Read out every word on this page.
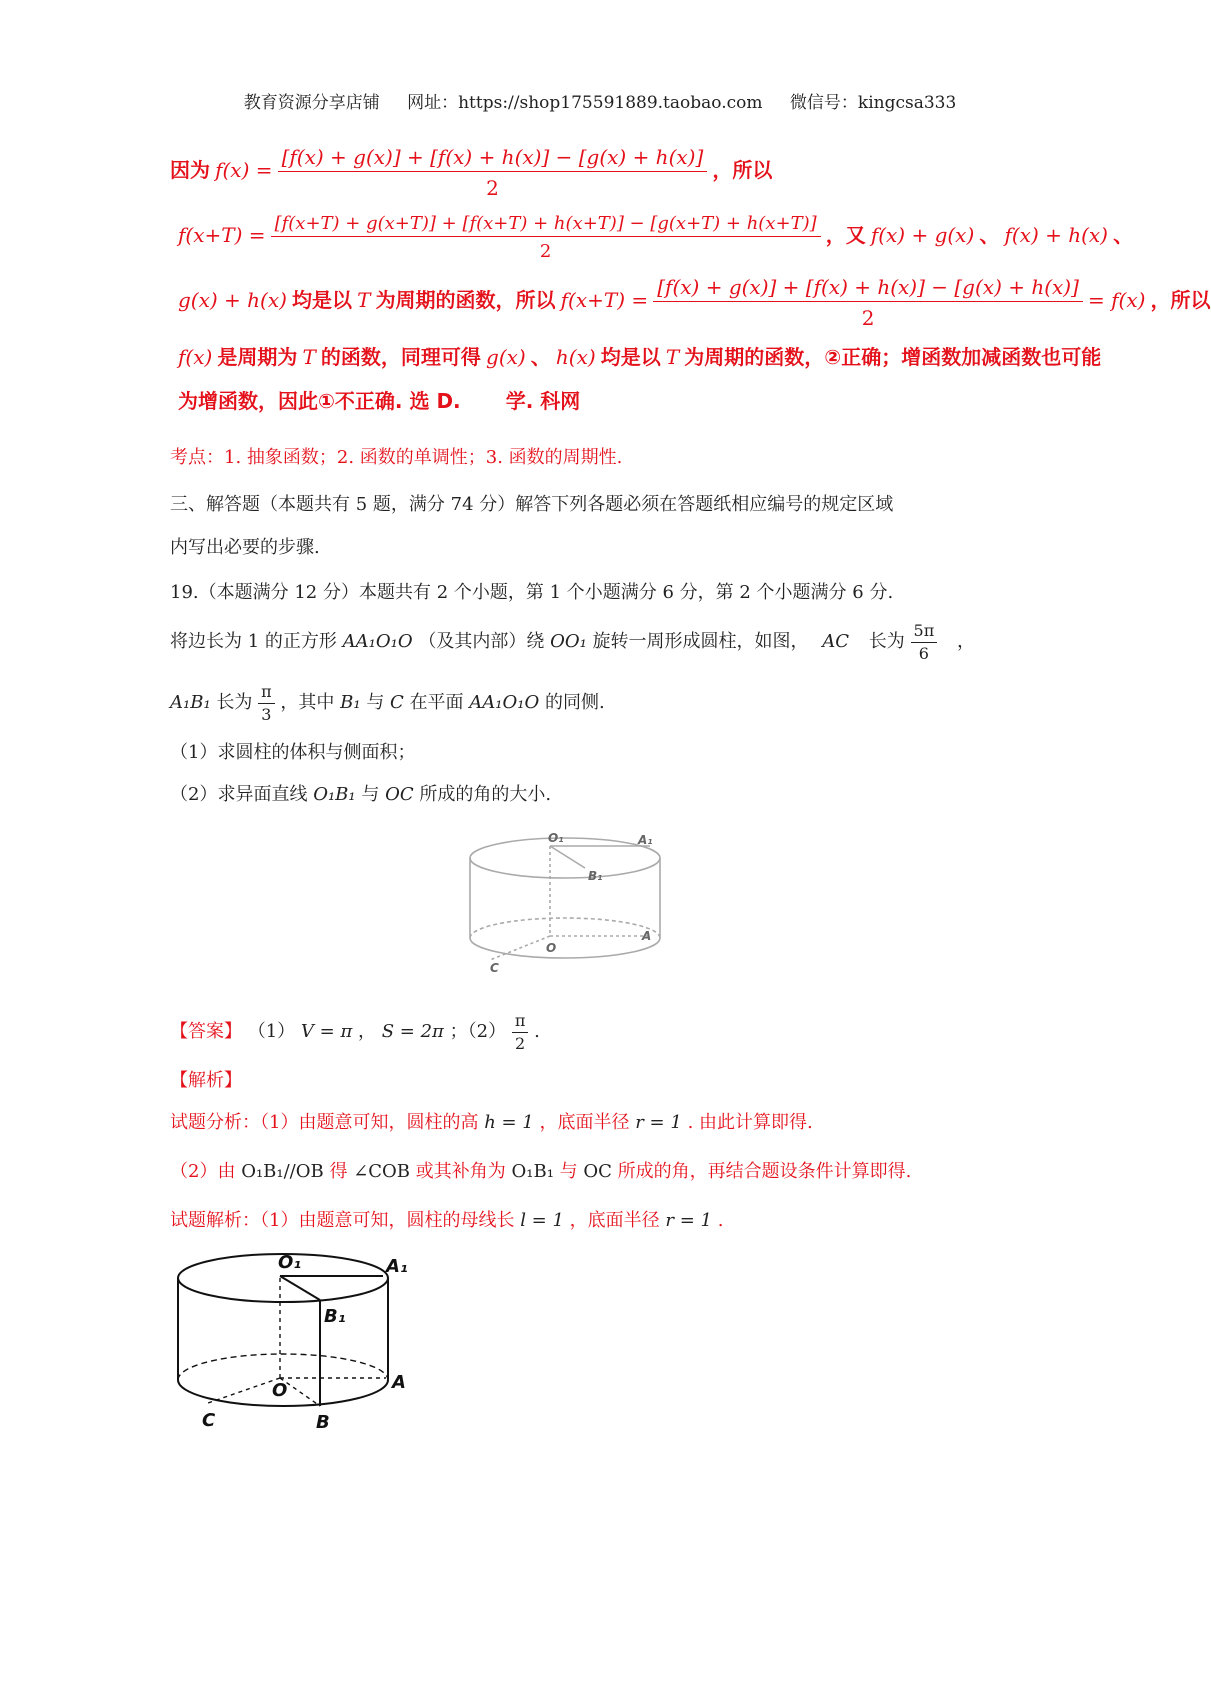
教育资源分享店铺 网址：https://shop175591889.taobao.com 微信号：kingcsa333
因为 $f(x) = \frac{[f(x) + g(x)] + [f(x) + h(x)] - [g(x) + h(x)]}{2}$ ，所以
$f(x+T) = \frac{[f(x+T) + g(x+T)] + [f(x+T) + h(x+T)] - [g(x+T) + h(x+T)]}{2}$ ，又 f(x) + g(x) 、 f(x) + h(x) 、
g(x) + h(x) 均是以 T 为周期的函数，所以 $f(x+T) = \frac{[f(x) + g(x)] + [f(x) + h(x)] - [g(x) + h(x)]}{2} = f(x)$ ，所以
f(x) 是周期为 T 的函数，同理可得 g(x) 、 h(x) 均是以 T 为周期的函数，②正确；增函数加减函数也可能
为增函数，因此①不正确. 选 D. 学. 科网
考点：1. 抽象函数；2. 函数的单调性；3. 函数的周期性.
三、解答题（本题共有 5 题，满分 74 分）解答下列各题必须在答题纸相应编号的规定区域
内写出必要的步骤.
19.（本题满分 12 分）本题共有 2 个小题，第 1 个小题满分 6 分，第 2 个小题满分 6 分.
将边长为 1 的正方形 AA₁O₁O （及其内部）绕 OO₁ 旋转一周形成圆柱，如图， AC 长为 $\frac{5\pi}{6}$ ，
A₁B₁ 长为 $\frac{\pi}{3}$ ，其中 B₁ 与 C 在平面 AA₁O₁O 的同侧.
（1）求圆柱的体积与侧面积；
（2）求异面直线 O₁B₁ 与 OC 所成的角的大小.
O₁	A₁
B₁
O
A
C
【答案】 （1） V = π ， S = 2π ；$(2) \frac{\pi}{2}$ .
【解析】
试题分析：（1）由题意可知，圆柱的高 h = 1 ，底面半径 r = 1 . 由此计算即得.
（2）由 O₁B₁//OB 得 ∠COB 或其补角为 O₁B₁ 与 OC 所成的角，再结合题设条件计算即得.
试题解析：（1）由题意可知，圆柱的母线长 l = 1 ，底面半径 r = 1 .
O₁	A₁
B₁
O	A
C	B
